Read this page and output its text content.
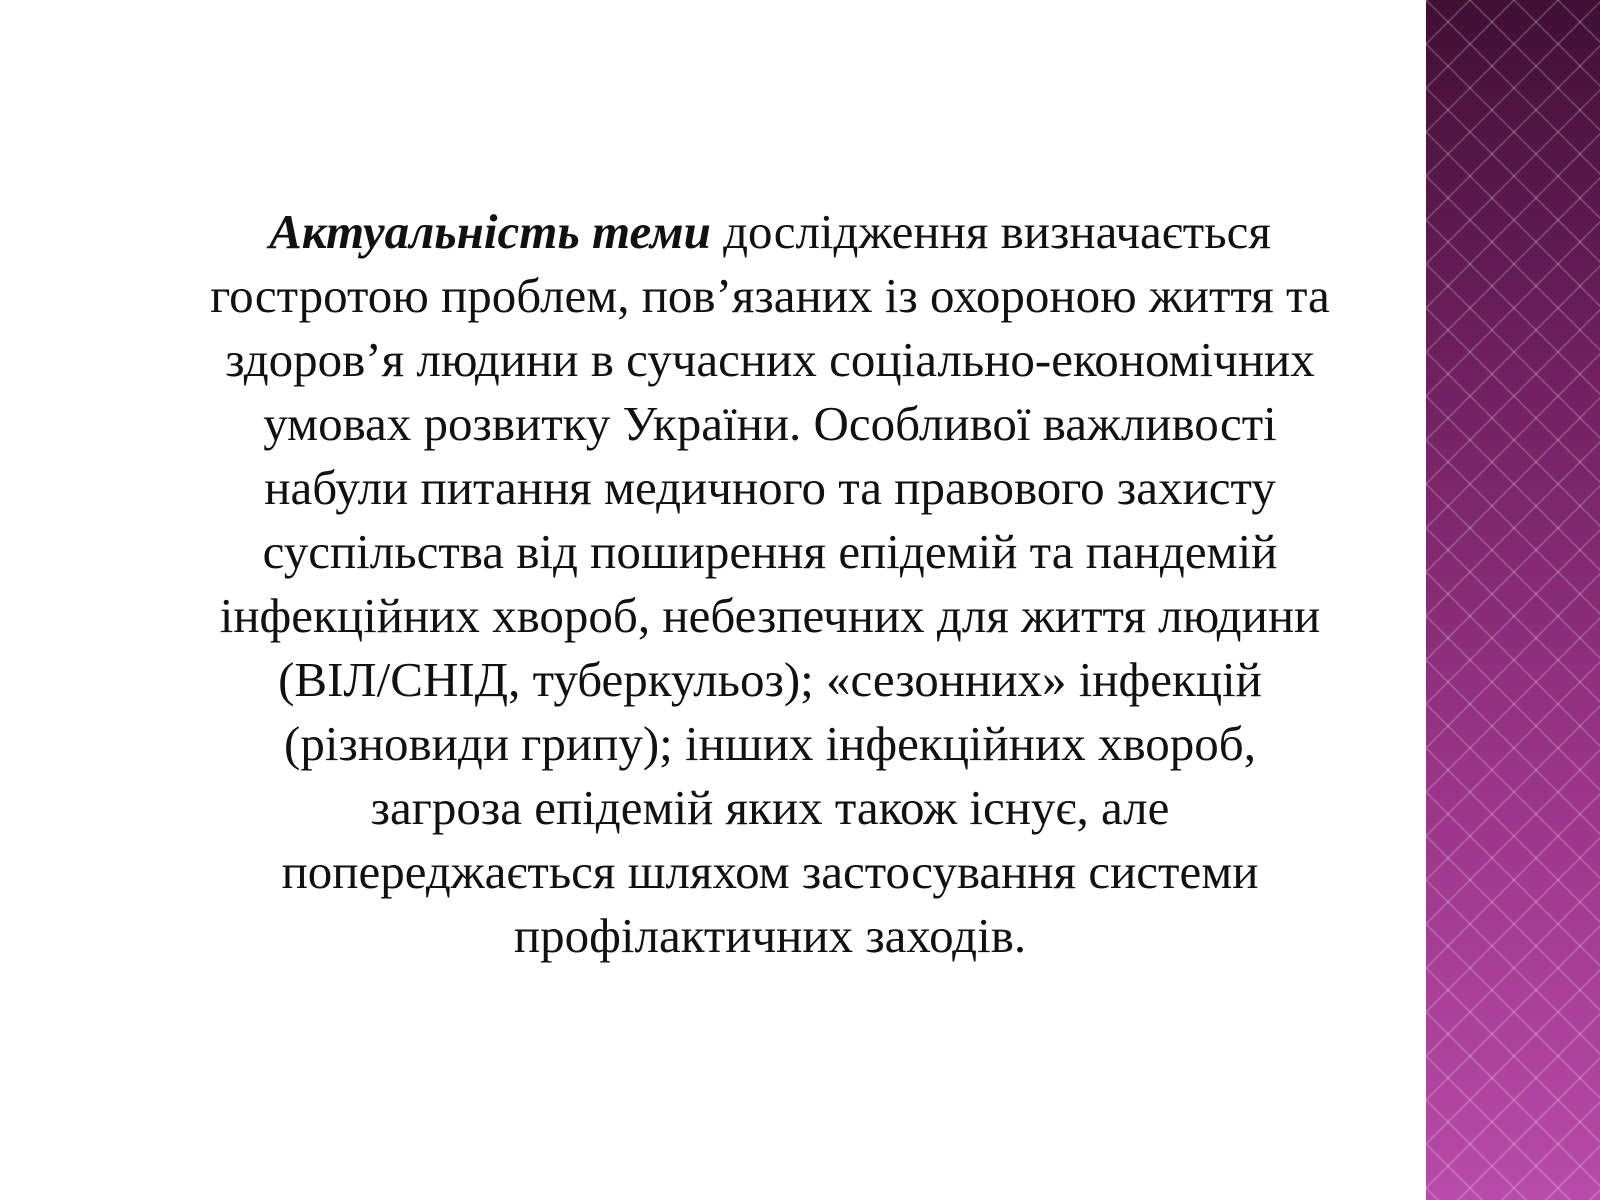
Актуальність теми дослідження визначається
гостротою проблем, пов’язаних із охороною життя та
здоров’я людини в сучасних соціально-економічних
умовах розвитку України. Особливої важливості
набули питання медичного та правового захисту
суспільства від поширення епідемій та пандемій
інфекційних хвороб, небезпечних для життя людини
(ВІЛ/СНІД, туберкульоз); «сезонних» інфекцій
(різновиди грипу); інших інфекційних хвороб,
загроза епідемій яких також існує, але
попереджається шляхом застосування системи
профілактичних заходів.
